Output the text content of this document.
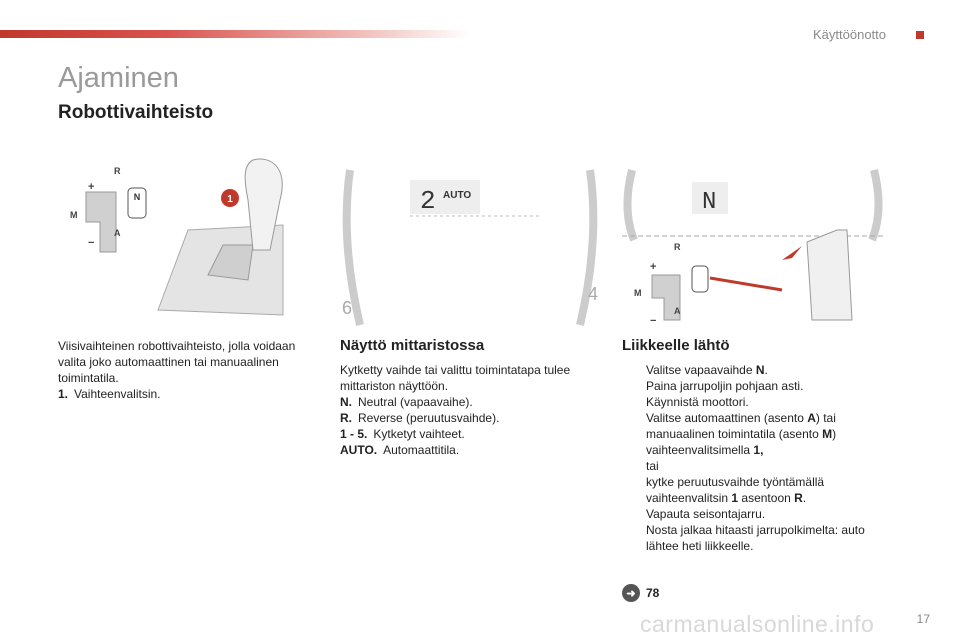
Käyttöönotto
Ajaminen
Robottivaihteisto
N
R
M
A
+
−
1	2 AUTO
6
4
N
R
M
A
+
−

Viisivaihteinen robottivaihteisto, jolla voidaan valita joko automaattinen tai manuaalinen toimintatila.

1. Vaihteenvalitsin.
Näyttö mittaristossa

Kytketty vaihde tai valittu toimintatapa tulee mittariston näyttöön.

N. Neutral (vapaavaihe).
R. Reverse (peruutusvaihde).
1 - 5. Kytketyt vaihteet.
AUTO. Automaattitila.
Liikkeelle lähtö
Valitse vapaavaihde N.
Paina jarrupoljin pohjaan asti.
Käynnistä moottori.
Valitse automaattinen (asento A) tai manuaalinen toimintatila (asento M) vaihteenvalitsimella 1,
tai
kytke peruutusvaihde työntämällä vaihteenvalitsin 1 asentoon R.
Vapauta seisontajarru.
Nosta jalkaa hitaasti jarrupolkimelta: auto lähtee heti liikkeelle.
➜ 78
carmanualsonline.info	17
